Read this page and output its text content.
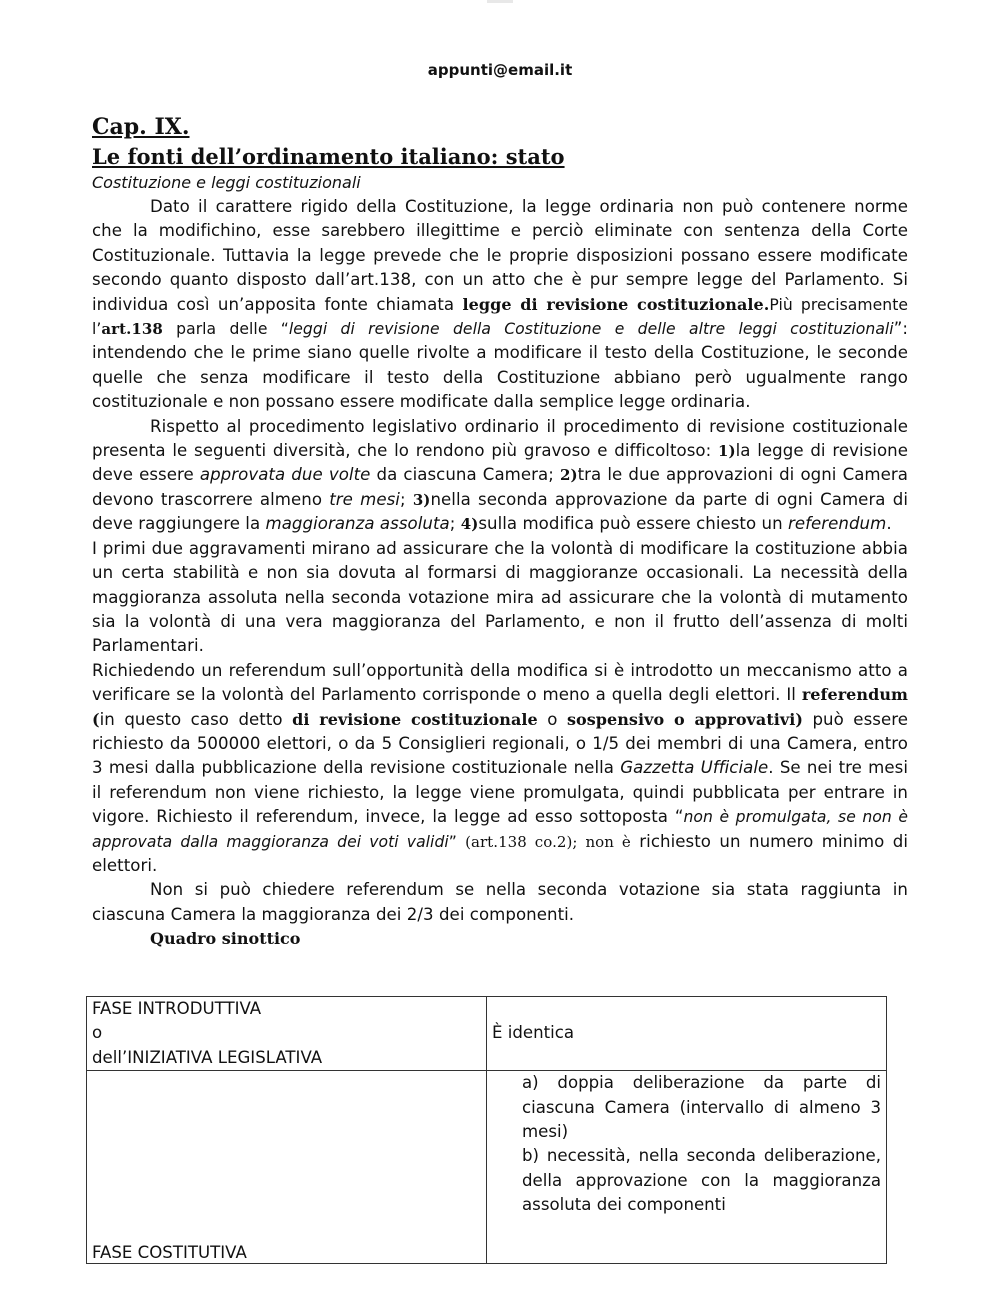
appunti@email.it
Cap. IX.
Le fonti dell’ordinamento italiano: stato
Costituzione e leggi costituzionali

Dato il carattere rigido della Costituzione, la legge ordinaria non può contenere norme che la modifichino, esse sarebbero illegittime e perciò eliminate con sentenza della Corte Costituzionale. Tuttavia la legge prevede che le proprie disposizioni possano essere modificate secondo quanto disposto dall’art.138, con un atto che è pur sempre legge del Parlamento. Si individua così un’apposita fonte chiamata legge di revisione costituzionale.Più precisamente l’art.138 parla delle “leggi di revisione della Costituzione e delle altre leggi costituzionali”: intendendo che le prime siano quelle rivolte a modificare il testo della Costituzione, le seconde quelle che senza modificare il testo della Costituzione abbiano però ugualmente rango costituzionale e non possano essere modificate dalla semplice legge ordinaria.

Rispetto al procedimento legislativo ordinario il procedimento di revisione costituzionale presenta le seguenti diversità, che lo rendono più gravoso e difficoltoso: 1)la legge di revisione deve essere approvata due volte da ciascuna Camera; 2)tra le due approvazioni di ogni Camera devono trascorrere almeno tre mesi; 3)nella seconda approvazione da parte di ogni Camera di deve raggiungere la maggioranza assoluta; 4)sulla modifica può essere chiesto un referendum.

I primi due aggravamenti mirano ad assicurare che la volontà di modificare la costituzione abbia un certa stabilità e non sia dovuta al formarsi di maggioranze occasionali. La necessità della maggioranza assoluta nella seconda votazione mira ad assicurare che la volontà di mutamento sia la volontà di una vera maggioranza del Parlamento, e non il frutto dell’assenza di molti Parlamentari.

Richiedendo un referendum sull’opportunità della modifica si è introdotto un meccanismo atto a verificare se la volontà del Parlamento corrisponde o meno a quella degli elettori. Il referendum (in questo caso detto di revisione costituzionale o sospensivo o approvativi) può essere richiesto da 500000 elettori, o da 5 Consiglieri regionali, o 1/5 dei membri di una Camera, entro 3 mesi dalla pubblicazione della revisione costituzionale nella Gazzetta Ufficiale. Se nei tre mesi il referendum non viene richiesto, la legge viene promulgata, quindi pubblicata per entrare in vigore. Richiesto il referendum, invece, la legge ad esso sottoposta “non è promulgata, se non è approvata dalla maggioranza dei voti validi” (art.138 co.2); non è richiesto un numero minimo di elettori.

Non si può chiedere referendum se nella seconda votazione sia stata raggiunta in ciascuna Camera la maggioranza dei 2/3 dei componenti.

Quadro sinottico
FASE INTRODUTTIVA
o
dell’INIZIATIVA LEGISLATIVA	È identica

FASE COSTITUTIVA	a) doppia deliberazione da parte di ciascuna Camera (intervallo di almeno 3 mesi)
b) necessità, nella seconda deliberazione, della approvazione con la maggioranza assoluta dei componenti
